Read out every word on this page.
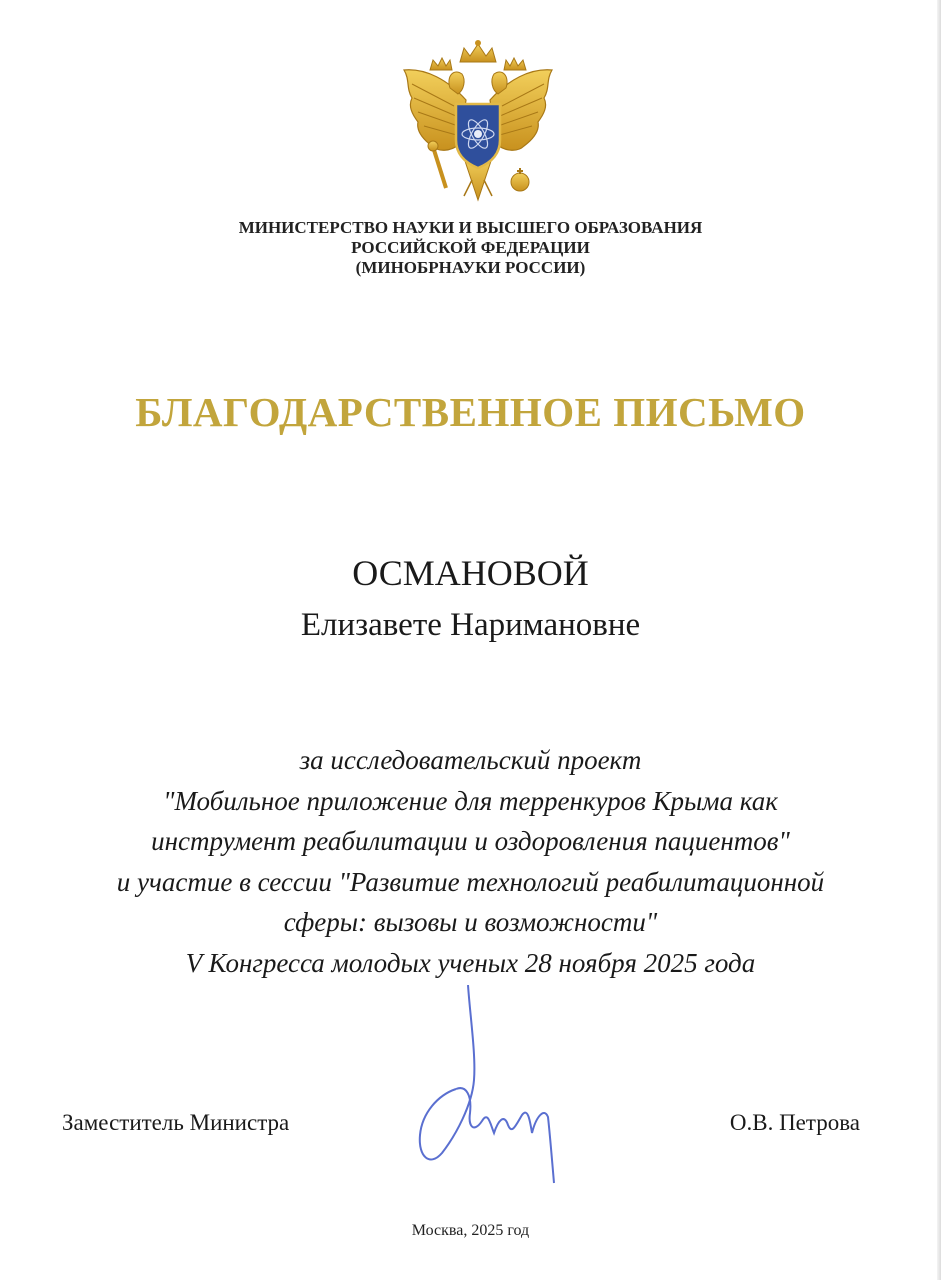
МИНИСТЕРСТВО НАУКИ И ВЫСШЕГО ОБРАЗОВАНИЯ
РОССИЙСКОЙ ФЕДЕРАЦИИ
(МИНОБРНАУКИ РОССИИ)
БЛАГОДАРСТВЕННОЕ ПИСЬМО
ОСМАНОВОЙ
Елизавете Наримановне
за исследовательский проект
"Мобильное приложение для терренкуров Крыма как
инструмент реабилитации и оздоровления пациентов"
и участие в сессии "Развитие технологий реабилитационной
сферы: вызовы и возможности"
V Конгресса молодых ученых 28 ноября 2025 года
Заместитель Министра	О.В. Петрова
Москва, 2025 год
